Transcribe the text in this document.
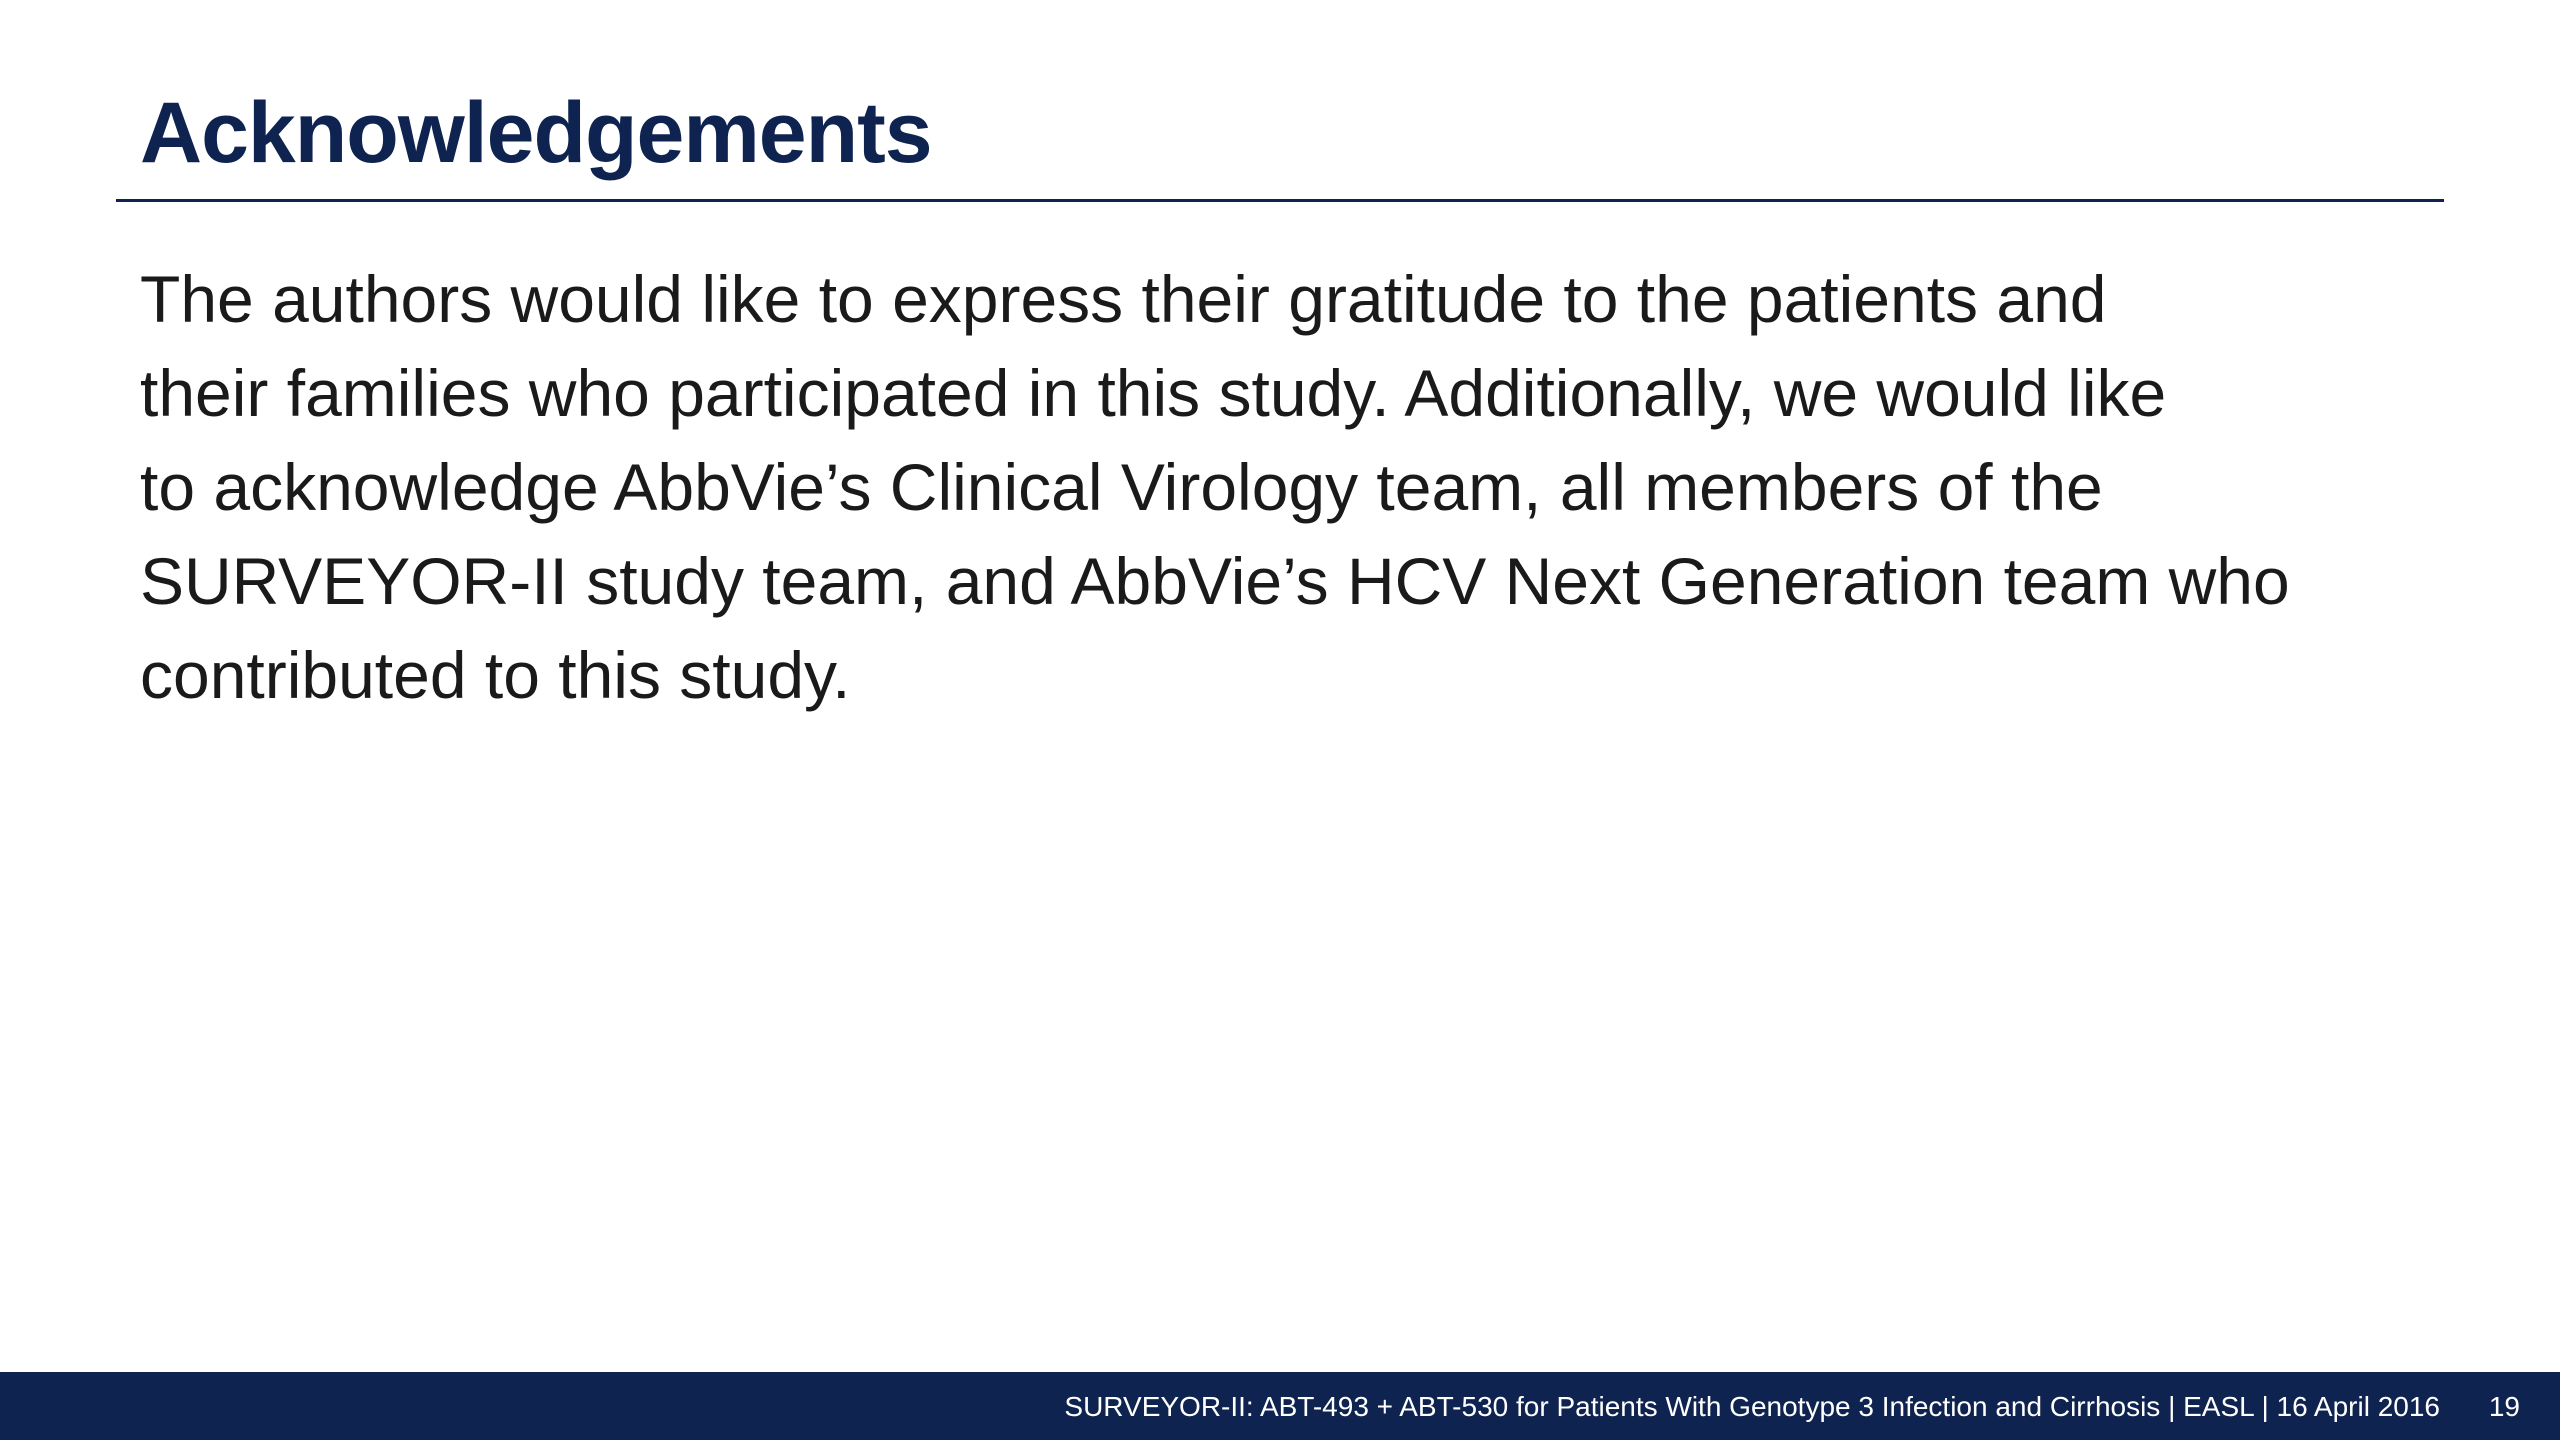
Acknowledgements

The authors would like to express their gratitude to the patients and
their families who participated in this study. Additionally, we would like
to acknowledge AbbVie’s Clinical Virology team, all members of the
SURVEYOR-II study team, and AbbVie’s HCV Next Generation team who
contributed to this study.

SURVEYOR-II: ABT-493 + ABT-530 for Patients With Genotype 3 Infection and Cirrhosis | EASL | 16 April 2016 19
